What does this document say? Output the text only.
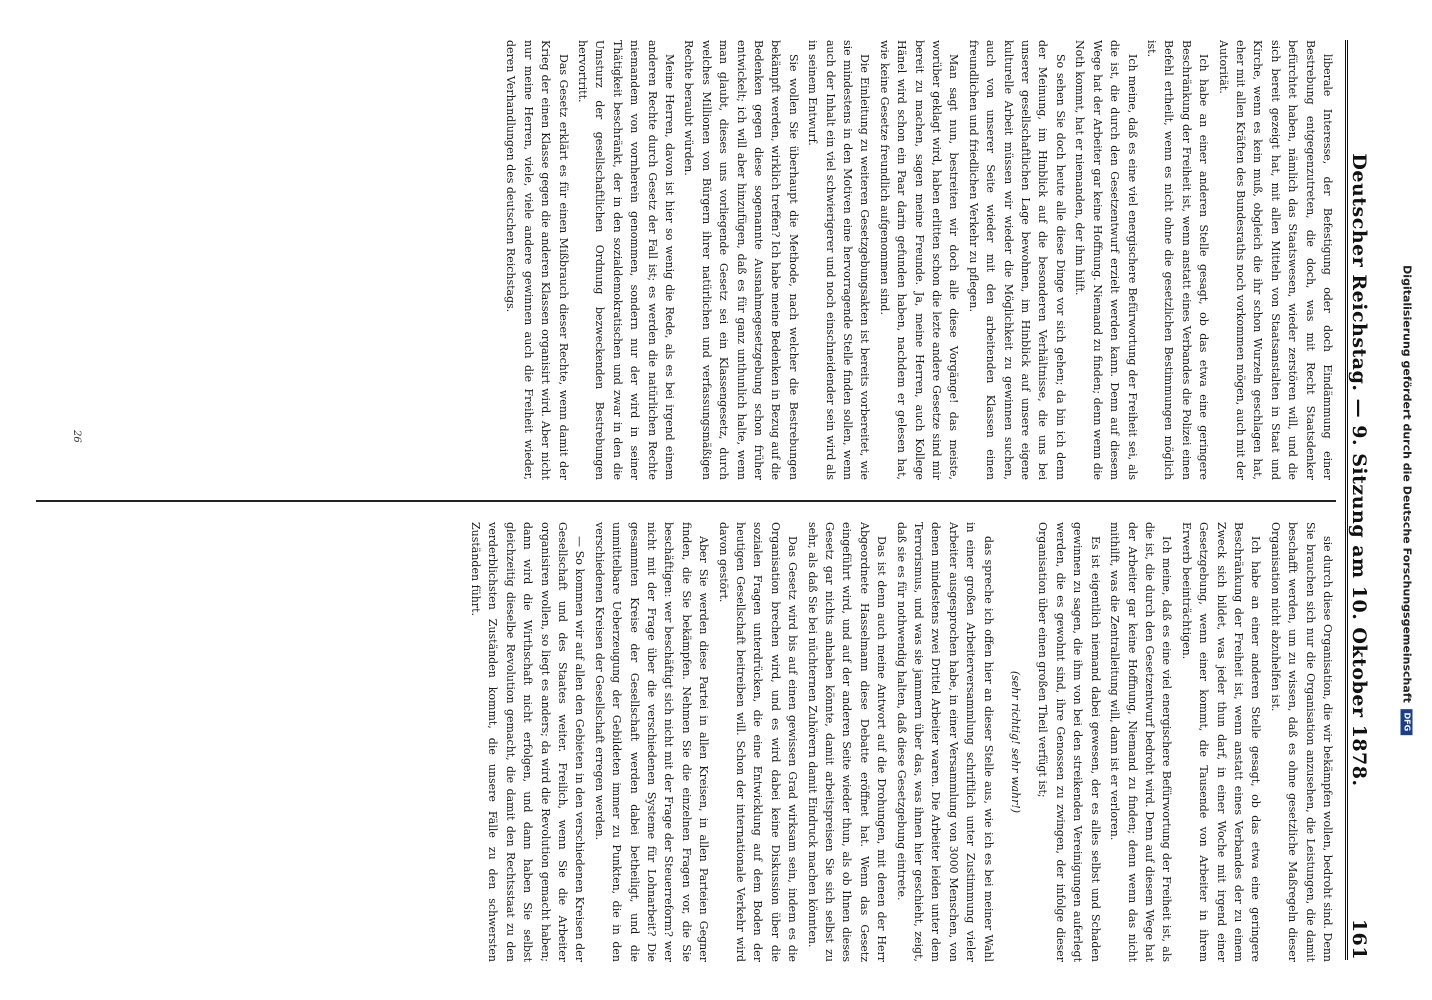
Deutscher Reichstag. — 9. Sitzung am 10. Oktober 1878.
161

liberale Interesse, der Befestigung oder doch Eindämmung einer Bestrebung entgegenzutreten, die doch, was mit Recht Staatsdenker befürchtet haben, nämlich das Staatswesen, wieder zerstören will, und die sich bereit gezeigt hat, mit allen Mitteln von Staatsanstalten in Staat und Kirche, wenn es kein muß, obgleich die ihr schon Wurzeln geschlagen hat, eher mit allen Kräften des Bundesraths noch vorkommen mögen, auch mit der Autorität.

Ich habe an einer anderen Stelle gesagt, ob das etwa eine geringere Beschränkung der Freiheit ist, wenn anstatt eines Verbandes die Polizei einen Befehl ertheilt, wenn es nicht ohne die gesetzlichen Bestimmungen möglich ist.

Ich meine, daß es eine viel energischere Befürwortung der Freiheit sei, als die ist, die durch den Gesetzentwurf erzielt werden kann. Denn auf diesem Wege hat der Arbeiter gar keine Hoffnung. Niemand zu finden; denn wenn die Noth kommt, hat er niemanden, der ihm hilft.

So sehen Sie doch heute alle diese Dinge vor sich gehen; da bin ich denn der Meinung, im Hinblick auf die besonderen Verhältnisse, die uns bei unserer gesellschaftlichen Lage bewohnen, im Hinblick auf unsere eigene kulturelle Arbeit müssen wir wieder die Möglichkeit zu gewinnen suchen, auch von unserer Seite wieder mit den arbeitenden Klassen einen freundlichen und friedlichen Verkehr zu pflegen.

Man sagt nun, bestreiten wir doch alle diese Vorgänge! das meiste, worüber geklagt wird, haben erlitten schon die lezte andere Gesetze sind mir bereit zu machen, sagen meine Freunde. Ja, meine Herren, auch Kollege Hänel wird schon ein Paar darin gefunden haben, nachdem er gelesen hat, wie keine Gesetze freundlich aufgenommen sind.

Die Einleitung zu weiteren Gesetzgebungsakten ist bereits vorbereitet, wie sie mindestens in den Motiven eine hervorragende Stelle finden sollen, wenn auch der Inhalt ein viel schwierigerer und noch einschneidender sein wird als in seinem Entwurf.

Sie wollen Sie überhaupt die Methode, nach welcher die Bestrebungen bekämpft werden, wirklich treffen? Ich habe meine Bedenken in Bezug auf die Bedenken gegen diese sogenannte Ausnahmegesetzgebung schon früher entwickelt; ich will aber hinzufügen, daß es für ganz unthunlich halte, wenn man glaubt, dieses uns vorliegende Gesetz sei ein Klassengesetz, durch welches Millionen von Bürgern ihrer natürlichen und verfassungsmäßigen Rechte beraubt würden.

Meine Herren, davon ist hier so wenig die Rede, als es bei irgend einem anderen Rechte durch Gesetz der Fall ist; es werden die natürlichen Rechte niemandem von vornherein genommen, sondern nur der wird in seiner Thätigkeit beschränkt, der in den sozialdemokratischen und zwar in den die Umsturz der gesellschaftlichen Ordnung bezweckenden Bestrebungen hervortritt.

Das Gesetz erklärt es für einen Mißbrauch dieser Rechte, wenn damit der Krieg der einen Klasse gegen die anderen Klassen organisirt wird. Aber nicht nur meine Herren, viele, viele andere gewinnen auch die Freiheit wieder, deren Verhandlungen des deutschen Reichstags.

sie durch diese Organisation, die wir bekämpfen wollen, bedroht sind. Denn Sie brauchen sich nur die Organisation anzusehen, die Leistungen, die damit beschafft werden, um zu wissen, daß es ohne gesetzliche Maßregeln dieser Organisation nicht abzuhelfen ist.

Ich habe an einer anderen Stelle gesagt, ob das etwa eine geringere Beschränkung der Freiheit ist, wenn anstatt eines Verbandes der zu einem Zweck sich bildet, was jeder thun darf, in einer Woche mit irgend einer Gesetzgebung, wenn einer kommt, die Tausende von Arbeiter in ihrem Erwerb beeinträchtigen.

Ich meine, daß es eine viel energischere Befürwortung der Freiheit ist, als die ist, die durch den Gesetzentwurf bedroht wird. Denn auf diesem Wege hat der Arbeiter gar keine Hoffnung, Niemand zu finden; denn wenn das nicht mithilft, was die Zentralleitung will, dann ist er verloren.

Es ist eigentlich niemand dabei gewesen, der es alles selbst und Schaden gewinnen zu sagen, die ihm von bei den streikenden Vereinigungen auferlegt werden, die es gewohnt sind, ihre Genossen zu zwingen, der infolge dieser Organisation über einen großen Theil verfügt ist;

(sehr richtig! sehr wahr!)

das spreche ich offen hier an dieser Stelle aus, wie ich es bei meiner Wahl in einer großen Arbeiterversammlung schriftlich unter Zustimmung vieler Arbeiter ausgesprochen habe, in einer Versammlung von 3000 Menschen, von denen mindestens zwei Drittel Arbeiter waren. Die Arbeiter leiden unter dem Terrorismus, und was sie jammern über das, was ihnen hier geschieht, zeigt, daß sie es für nothwendig halten, daß diese Gesetzgebung eintrete.

Das ist denn auch meine Antwort auf die Drohungen, mit denen der Herr Abgeordnete Hasselmann diese Debatte eröffnet hat. Wenn das Gesetz eingeführt wird, und auf der anderen Seite wieder thun, als ob Ihnen dieses Gesetz gar nichts anhaben könnte, damit arbeitspreisen Sie sich selbst zu sehr, als daß Sie bei nüchternen Zuhörern damit Eindruck machen könnten.

Das Gesetz wird bis auf einen gewissen Grad wirksam sein, indem es die Organisation brechen wird, und es wird dabei keine Diskussion über die sozialen Fragen unterdrücken, die eine Entwicklung auf dem Boden der heutigen Gesellschaft beitreiben will. Schon der internationale Verkehr wird davon gestört.

Aber Sie werden diese Partei in allen Kreisen, in allen Parteien Gegner finden, die Sie bekämpfen. Nehmen Sie die einzelnen Fragen vor, die Sie beschäftigen: wer beschäftigt sich nicht mit der Frage der Steuerreform? wer nicht mit der Frage über die verschiedenen Systeme für Lohnarbeit? Die gesammten Kreise der Gesellschaft werden dabei betheiligt, und die unmittelbare Ueberzeugung der Gebildeten immer zu Punkten, die in den verschiedenen Kreisen der Gesellschaft erregen werden.

— So kommen wir auf allen den Gebieten in den verschiedenen Kreisen der Gesellschaft und des Staates weiter. Freilich, wenn Sie die Arbeiter organisiren wollen, so liegt es anders; da wird die Revolution gemacht haben; dann wird die Wirthschaft nicht erfolgen, und dann haben Sie selbst gleichzeitig dieselbe Revolution gemacht, die damit den Rechtsstaat zu den verderblichsten Zuständen kommt, die unsere Fälle zu den schwersten Zuständen führt.

26	Digitalisierung gefördert durch die Deutsche Forschungsgemeinschaft
DFG
